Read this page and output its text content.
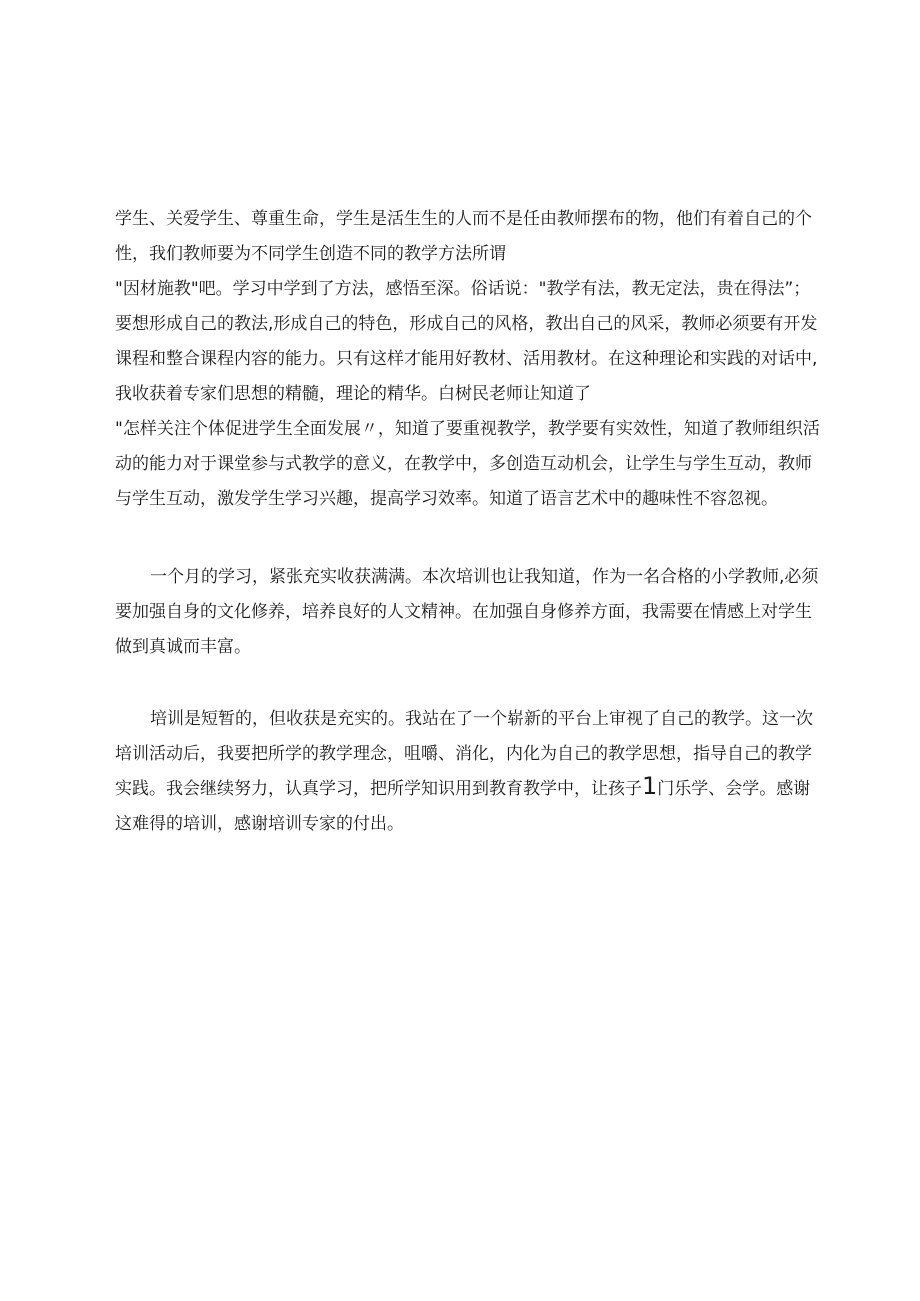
学生、关爱学生、尊重生命，学生是活生生的人而不是任由教师摆布的物，他们有着自己的个
性，我们教师要为不同学生创造不同的教学方法所谓
"因材施教"吧。学习中学到了方法，感悟至深。俗话说："教学有法，教无定法，贵在得法”；
要想形成自己的教法,形成自己的特色，形成自己的风格，教出自己的风采，教师必须要有开发
课程和整合课程内容的能力。只有这样才能用好教材、活用教材。在这种理论和实践的对话中,
我收获着专家们思想的精髓，理论的精华。白树民老师让知道了
"怎样关注个体促进学生全面发展〃，知道了要重视教学，教学要有实效性，知道了教师组织活
动的能力对于课堂参与式教学的意义，在教学中，多创造互动机会，让学生与学生互动，教师
与学生互动，激发学生学习兴趣，提高学习效率。知道了语言艺术中的趣味性不容忽视。
一个月的学习，紧张充实收获满满。本次培训也让我知道，作为一名合格的小学教师,必须
要加强自身的文化修养，培养良好的人文精神。在加强自身修养方面，我需要在情感上对学生
做到真诚而丰富。
培训是短暂的，但收获是充实的。我站在了一个崭新的平台上审视了自己的教学。这一次
培训活动后，我要把所学的教学理念，咀嚼、消化，内化为自己的教学思想，指导自己的教学
实践。我会继续努力，认真学习，把所学知识用到教育教学中，让孩子1门乐学、会学。感谢
这难得的培训，感谢培训专家的付出。
